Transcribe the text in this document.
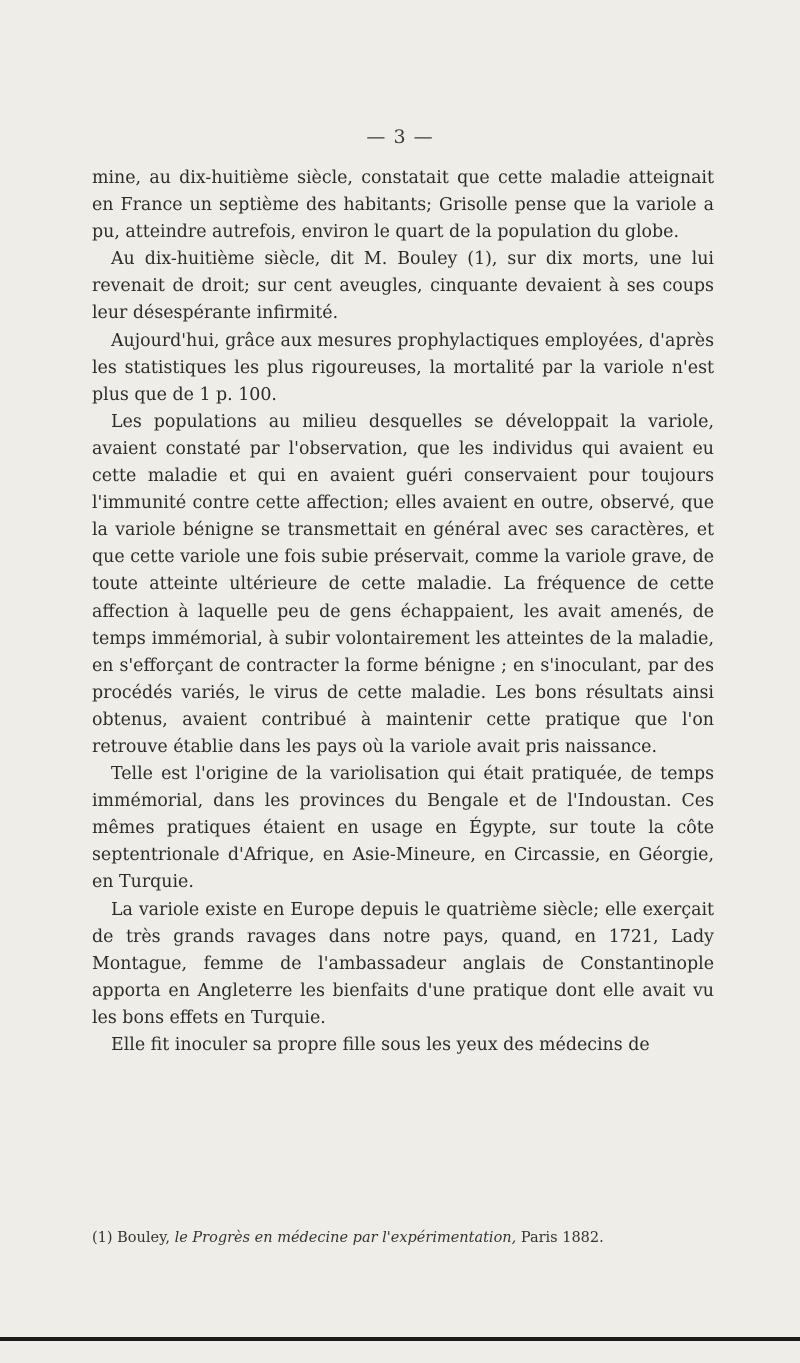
— 3 —

mine, au dix-huitième siècle, constatait que cette maladie atteignait en France un septième des habitants; Grisolle pense que la variole a pu, atteindre autrefois, environ le quart de la population du globe.

Au dix-huitième siècle, dit M. Bouley (1), sur dix morts, une lui revenait de droit; sur cent aveugles, cinquante devaient à ses coups leur désespérante infirmité.

Aujourd'hui, grâce aux mesures prophylactiques employées, d'après les statistiques les plus rigoureuses, la mortalité par la variole n'est plus que de 1 p. 100.

Les populations au milieu desquelles se développait la variole, avaient constaté par l'observation, que les individus qui avaient eu cette maladie et qui en avaient guéri conservaient pour toujours l'immunité contre cette affection; elles avaient en outre, observé, que la variole bénigne se transmettait en général avec ses caractères, et que cette variole une fois subie préservait, comme la variole grave, de toute atteinte ultérieure de cette maladie. La fréquence de cette affection à laquelle peu de gens échappaient, les avait amenés, de temps immémorial, à subir volontairement les atteintes de la maladie, en s'efforçant de contracter la forme bénigne ; en s'inoculant, par des procédés variés, le virus de cette maladie. Les bons résultats ainsi obtenus, avaient contribué à maintenir cette pratique que l'on retrouve établie dans les pays où la variole avait pris naissance.

Telle est l'origine de la variolisation qui était pratiquée, de temps immémorial, dans les provinces du Bengale et de l'Indoustan. Ces mêmes pratiques étaient en usage en Égypte, sur toute la côte septentrionale d'Afrique, en Asie-Mineure, en Circassie, en Géorgie, en Turquie.

La variole existe en Europe depuis le quatrième siècle; elle exerçait de très grands ravages dans notre pays, quand, en 1721, Lady Montague, femme de l'ambassadeur anglais de Constantinople apporta en Angleterre les bienfaits d'une pratique dont elle avait vu les bons effets en Turquie.

Elle fit inoculer sa propre fille sous les yeux des médecins de

(1) Bouley, le Progrès en médecine par l'expérimentation, Paris 1882.
